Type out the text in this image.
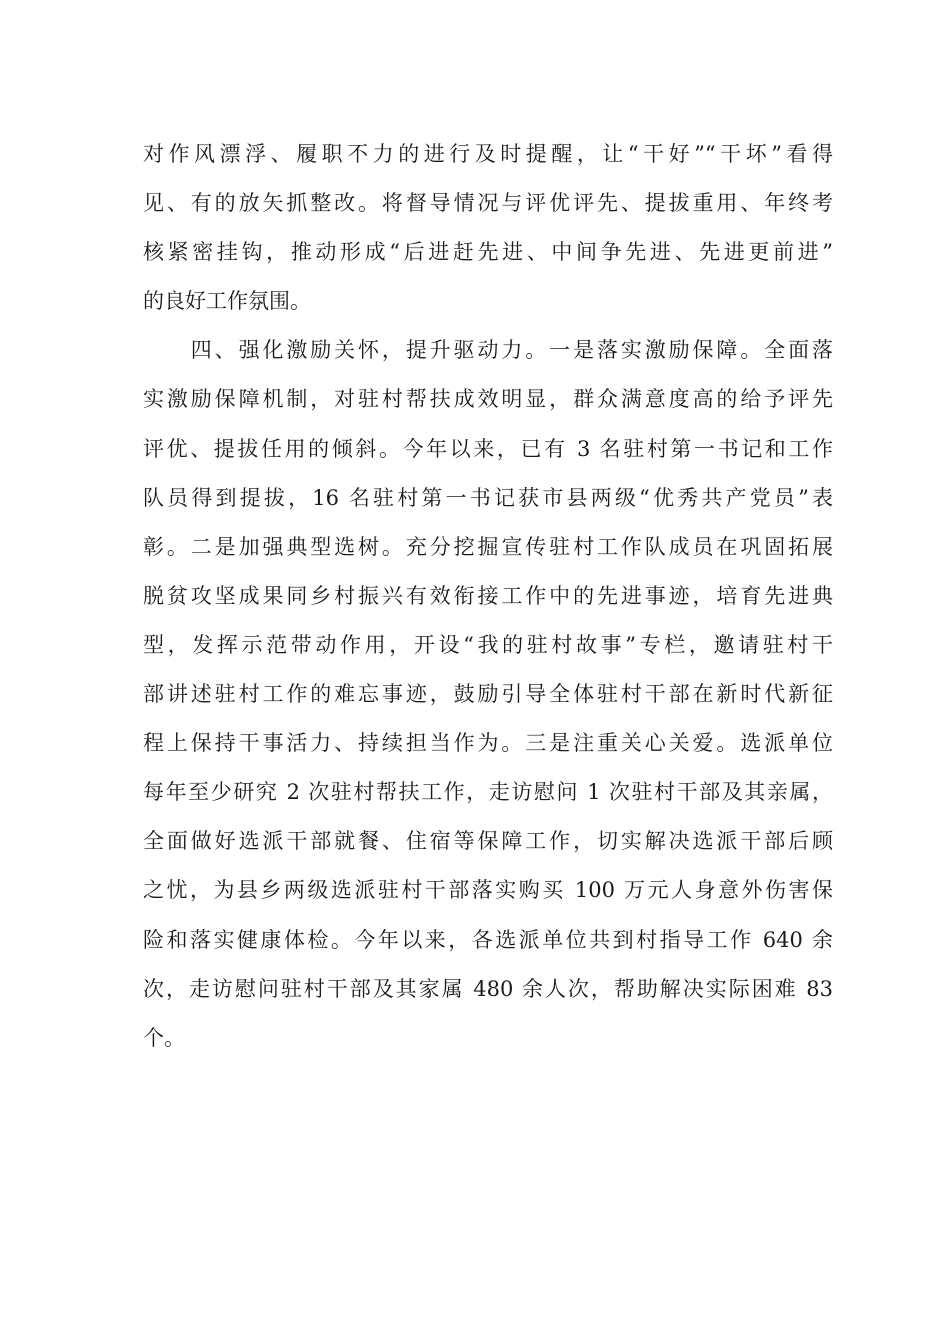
对作风漂浮、履职不力的进行及时提醒，让“干好”“干坏”看得
见、有的放矢抓整改。将督导情况与评优评先、提拔重用、年终考
核紧密挂钩，推动形成“后进赶先进、中间争先进、先进更前进”
的良好工作氛围。
　　四、强化激励关怀，提升驱动力。一是落实激励保障。全面落
实激励保障机制，对驻村帮扶成效明显，群众满意度高的给予评先
评优、提拔任用的倾斜。今年以来，已有 3 名驻村第一书记和工作
队员得到提拔，16 名驻村第一书记获市县两级“优秀共产党员”表
彰。二是加强典型选树。充分挖掘宣传驻村工作队成员在巩固拓展
脱贫攻坚成果同乡村振兴有效衔接工作中的先进事迹，培育先进典
型，发挥示范带动作用，开设“我的驻村故事”专栏，邀请驻村干
部讲述驻村工作的难忘事迹，鼓励引导全体驻村干部在新时代新征
程上保持干事活力、持续担当作为。三是注重关心关爱。选派单位
每年至少研究 2 次驻村帮扶工作，走访慰问 1 次驻村干部及其亲属，
全面做好选派干部就餐、住宿等保障工作，切实解决选派干部后顾
之忧，为县乡两级选派驻村干部落实购买 100 万元人身意外伤害保
险和落实健康体检。今年以来，各选派单位共到村指导工作 640 余
次，走访慰问驻村干部及其家属 480 余人次，帮助解决实际困难 83
个。
